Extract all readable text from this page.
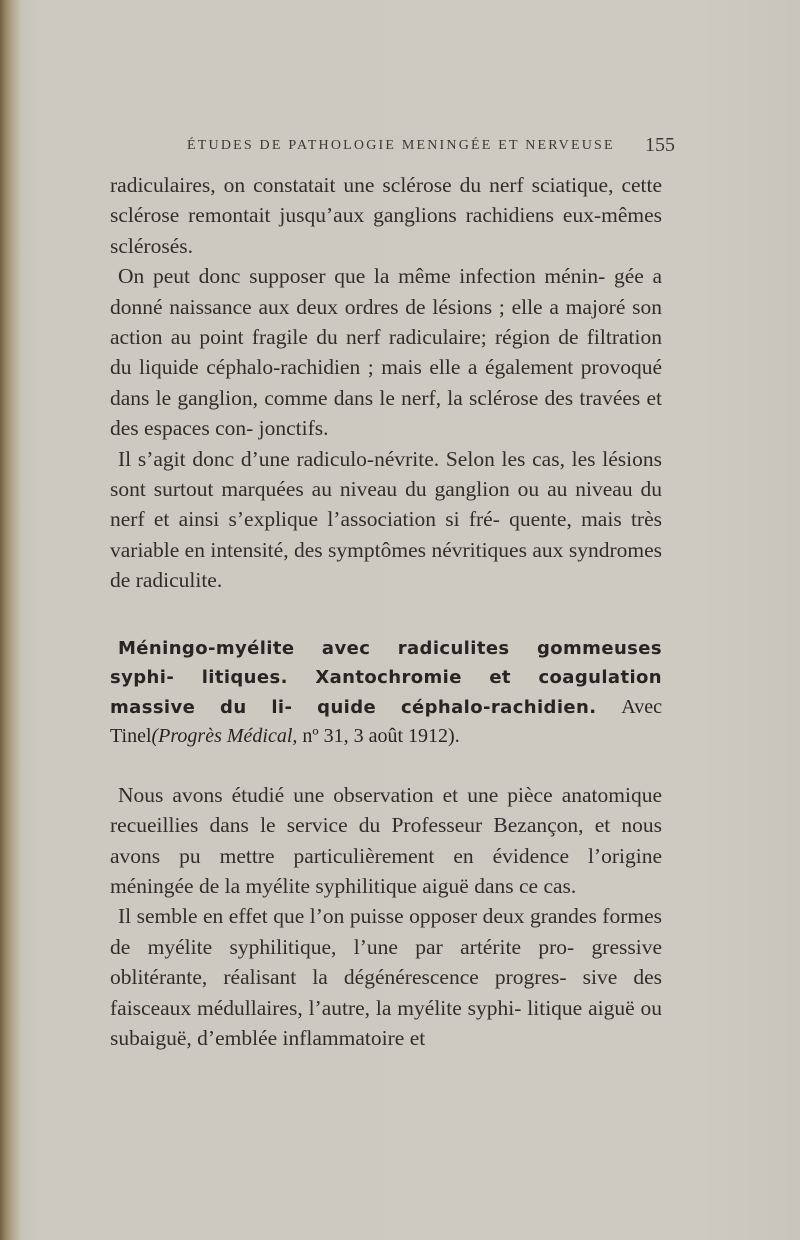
ÉTUDES DE PATHOLOGIE MENINGÉE ET NERVEUSE 155

radiculaires, on constatait une sclérose du nerf sciatique, cette sclérose remontait jusqu’aux ganglions rachidiens eux-mêmes sclérosés.

On peut donc supposer que la même infection ménin- gée a donné naissance aux deux ordres de lésions ; elle a majoré son action au point fragile du nerf radiculaire; région de filtration du liquide céphalo-rachidien ; mais elle a également provoqué dans le ganglion, comme dans le nerf, la sclérose des travées et des espaces con- jonctifs.

Il s’agit donc d’une radiculo-névrite. Selon les cas, les lésions sont surtout marquées au niveau du ganglion ou au niveau du nerf et ainsi s’explique l’association si fré- quente, mais très variable en intensité, des symptômes névritiques aux syndromes de radiculite.

Méningo-myélite avec radiculites gommeuses syphi- litiques. Xantochromie et coagulation massive du li- quide céphalo-rachidien. Avec Tinel(Progrès Médical, nº 31, 3 août 1912).

Nous avons étudié une observation et une pièce anatomique recueillies dans le service du Professeur Bezançon, et nous avons pu mettre particulièrement en évidence l’origine méningée de la myélite syphilitique aiguë dans ce cas.

Il semble en effet que l’on puisse opposer deux grandes formes de myélite syphilitique, l’une par artérite pro- gressive oblitérante, réalisant la dégénérescence progres- sive des faisceaux médullaires, l’autre, la myélite syphi- litique aiguë ou subaiguë, d’emblée inflammatoire et
